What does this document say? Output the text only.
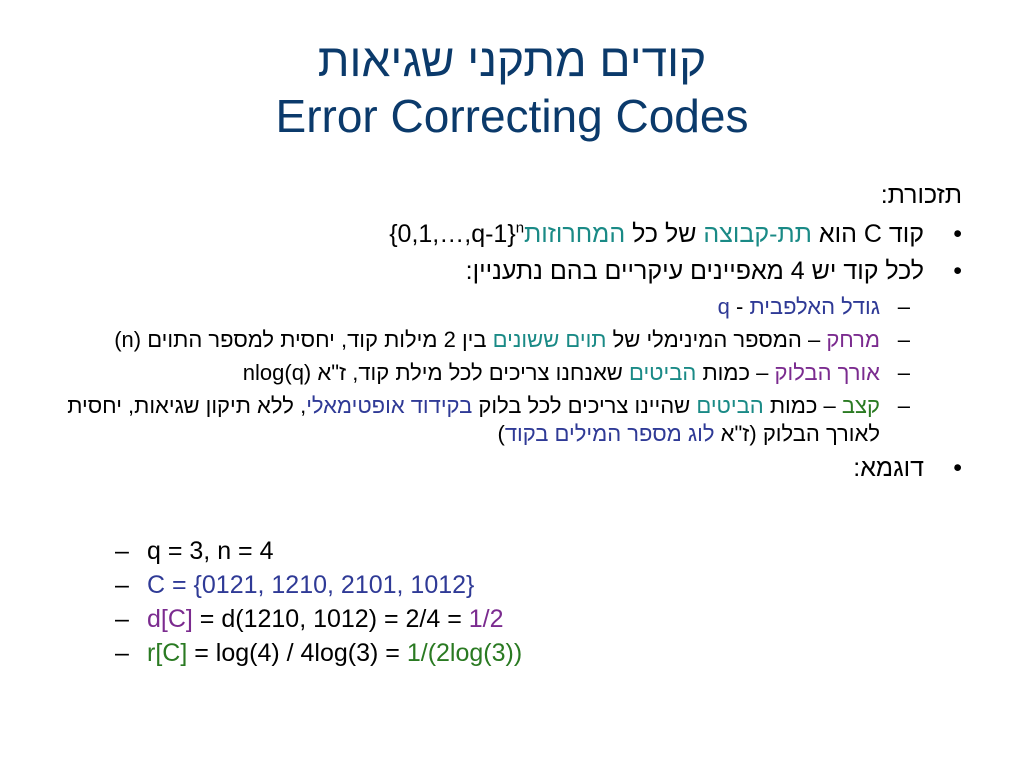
קודים מתקני שגיאות
Error Correcting Codes
תזכורת:
•
קוד C הוא תת-קבוצה של כל המחרוזות {0,1,…,q-1}$^n$
•
לכל קוד יש 4 מאפיינים עיקריים בהם נתעניין:
–
גודל האלפבית - q
–
מרחק – המספר המינימלי של תוים ששונים בין 2 מילות קוד, יחסית למספר התוים (n)
–
אורך הבלוק – כמות הביטים שאנחנו צריכים לכל מילת קוד, ז"א nlog(q)
–
קצב – כמות הביטים שהיינו צריכים לכל בלוק בקידוד אופטימאלי, ללא תיקון שגיאות, יחסית לאורך הבלוק (ז"א לוג מספר המילים בקוד)
•
דוגמא:
– q = 3, n = 4
– C = {0121, 1210, 2101, 1012}
– d[C] = d(1210, 1012) = 2/4 = 1/2
– r[C] = log(4) / 4log(3) = 1/(2log(3))
